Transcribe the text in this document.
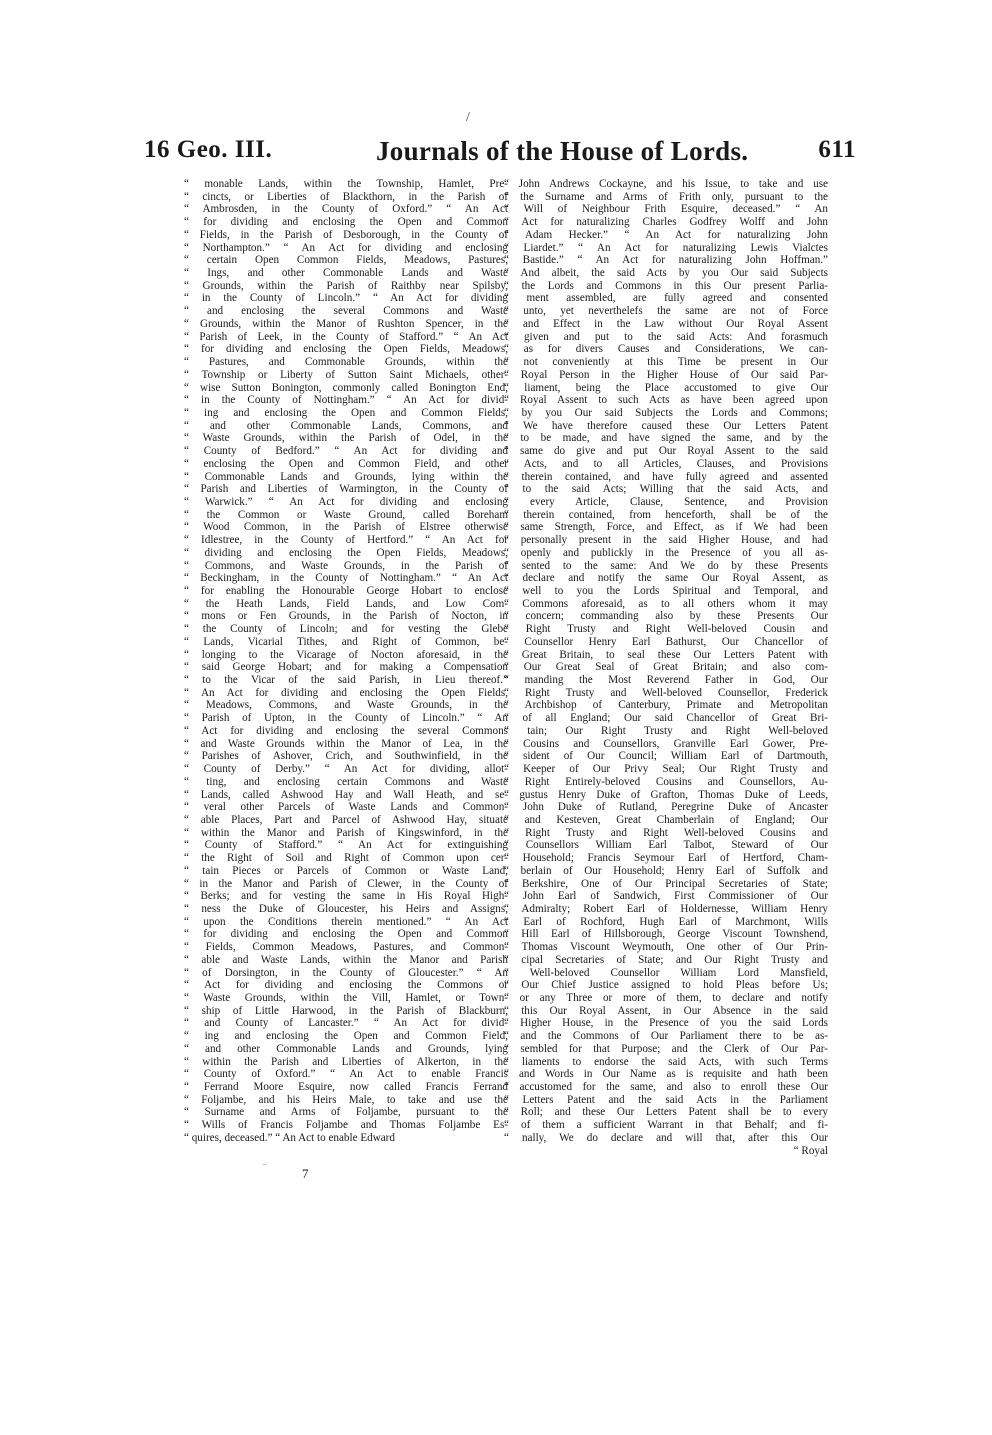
/
16 Geo. III.	Journals of the House of Lords.	611
“ monable Lands, within the Township, Hamlet, Pre-
“ cincts, or Liberties of Blackthorn, in the Parish of
“ Ambrosden, in the County of Oxford.” “ An Act
“ for dividing and enclosing the Open and Common
“ Fields, in the Parish of Desborough, in the County of
“ Northampton.” “ An Act for dividing and enclosing
“ certain Open Common Fields, Meadows, Pastures,
“ Ings, and other Commonable Lands and Waste
“ Grounds, within the Parish of Raithby near Spilsby,
“ in the County of Lincoln.” “ An Act for dividing
“ and enclosing the several Commons and Waste
“ Grounds, within the Manor of Rushton Spencer, in the
“ Parish of Leek, in the County of Stafford.” “ An Act
“ for dividing and enclosing the Open Fields, Meadows,
“ Pastures, and Commonable Grounds, within the
“ Township or Liberty of Sutton Saint Michaels, other-
“ wise Sutton Bonington, commonly called Bonington End,
“ in the County of Nottingham.” “ An Act for divid-
“ ing and enclosing the Open and Common Fields,
“ and other Commonable Lands, Commons, and
“ Waste Grounds, within the Parish of Odel, in the
“ County of Bedford.” “ An Act for dividing and
“ enclosing the Open and Common Field, and other
“ Commonable Lands and Grounds, lying within the
“ Parish and Liberties of Warmington, in the County of
“ Warwick.” “ An Act for dividing and enclosing
“ the Common or Waste Ground, called Boreham
“ Wood Common, in the Parish of Elstree otherwise
“ Idlestree, in the County of Hertford.” “ An Act for
“ dividing and enclosing the Open Fields, Meadows,
“ Commons, and Waste Grounds, in the Parish of
“ Beckingham, in the County of Nottingham.” “ An Act
“ for enabling the Honourable George Hobart to enclose
“ the Heath Lands, Field Lands, and Low Com-
“ mons or Fen Grounds, in the Parish of Nocton, in
“ the County of Lincoln; and for vesting the Glebe
“ Lands, Vicarial Tithes, and Right of Common, be-
“ longing to the Vicarage of Nocton aforesaid, in the
“ said George Hobart; and for making a Compensation
“ to the Vicar of the said Parish, in Lieu thereof.”
“ An Act for dividing and enclosing the Open Fields,
“ Meadows, Commons, and Waste Grounds, in the
“ Parish of Upton, in the County of Lincoln.” “ An
“ Act for dividing and enclosing the several Commons
“ and Waste Grounds within the Manor of Lea, in the
“ Parishes of Ashover, Crich, and Southwinfield, in the
“ County of Derby.” “ An Act for dividing, allot-
“ ting, and enclosing certain Commons and Waste
“ Lands, called Ashwood Hay and Wall Heath, and se-
“ veral other Parcels of Waste Lands and Common-
“ able Places, Part and Parcel of Ashwood Hay, situate
“ within the Manor and Parish of Kingswinford, in the
“ County of Stafford.” “ An Act for extinguishing
“ the Right of Soil and Right of Common upon cer-
“ tain Pieces or Parcels of Common or Waste Land,
“ in the Manor and Parish of Clewer, in the County of
“ Berks; and for vesting the same in His Royal High-
“ ness the Duke of Gloucester, his Heirs and Assigns,
“ upon the Conditions therein mentioned.” “ An Act
“ for dividing and enclosing the Open and Common
“ Fields, Common Meadows, Pastures, and Common-
“ able and Waste Lands, within the Manor and Parish
“ of Dorsington, in the County of Gloucester.” “ An
“ Act for dividing and enclosing the Commons or
“ Waste Grounds, within the Vill, Hamlet, or Town-
“ ship of Little Harwood, in the Parish of Blackburn,
“ and County of Lancaster.” “ An Act for divid-
“ ing and enclosing the Open and Common Field,
“ and other Commonable Lands and Grounds, lying
“ within the Parish and Liberties of Alkerton, in the
“ County of Oxford.” “ An Act to enable Francis
“ Ferrand Moore Esquire, now called Francis Ferrand
“ Foljambe, and his Heirs Male, to take and use the
“ Surname and Arms of Foljambe, pursuant to the
“ Wills of Francis Foljambe and Thomas Foljambe Es-
“ quires, deceased.” “ An Act to enable Edward
“ John Andrews Cockayne, and his Issue, to take and use
“ the Surname and Arms of Frith only, pursuant to the
“ Will of Neighbour Frith Esquire, deceased.” “ An
“ Act for naturalizing Charles Godfrey Wolff and John
“ Adam Hecker.” “ An Act for naturalizing John
“ Liardet.” “ An Act for naturalizing Lewis Vialctes
“ Bastide.” “ An Act for naturalizing John Hoffman.”
“ And albeit, the said Acts by you Our said Subjects
“ the Lords and Commons in this Our present Parlia-
“ ment assembled, are fully agreed and consented
“ unto, yet neverthelefs the same are not of Force
“ and Effect in the Law without Our Royal Assent
“ given and put to the said Acts: And forasmuch
“ as for divers Causes and Considerations, We can-
“ not conveniently at this Time be present in Our
“ Royal Person in the Higher House of Our said Par-
“ liament, being the Place accustomed to give Our
“ Royal Assent to such Acts as have been agreed upon
“ by you Our said Subjects the Lords and Commons;
“ We have therefore caused these Our Letters Patent
“ to be made, and have signed the same, and by the
“ same do give and put Our Royal Assent to the said
“ Acts, and to all Articles, Clauses, and Provisions
“ therein contained, and have fully agreed and assented
“ to the said Acts; Willing that the said Acts, and
“ every Article, Clause, Sentence, and Provision
“ therein contained, from henceforth, shall be of the
“ same Strength, Force, and Effect, as if We had been
“ personally present in the said Higher House, and had
“ openly and publickly in the Presence of you all as-
“ sented to the same: And We do by these Presents
“ declare and notify the same Our Royal Assent, as
“ well to you the Lords Spiritual and Temporal, and
“ Commons aforesaid, as to all others whom it may
“ concern; commanding also by these Presents Our
“ Right Trusty and Right Well-beloved Cousin and
“ Counsellor Henry Earl Bathurst, Our Chancellor of
“ Great Britain, to seal these Our Letters Patent with
“ Our Great Seal of Great Britain; and also com-
“ manding the Most Reverend Father in God, Our
“ Right Trusty and Well-beloved Counsellor, Frederick
“ Archbishop of Canterbury, Primate and Metropolitan
“ of all England; Our said Chancellor of Great Bri-
“ tain; Our Right Trusty and Right Well-beloved
“ Cousins and Counsellors, Granville Earl Gower, Pre-
“ sident of Our Council; William Earl of Dartmouth,
“ Keeper of Our Privy Seal; Our Right Trusty and
“ Right Entirely-beloved Cousins and Counsellors, Au-
“ gustus Henry Duke of Grafton, Thomas Duke of Leeds,
“ John Duke of Rutland, Peregrine Duke of Ancaster
“ and Kesteven, Great Chamberlain of England; Our
“ Right Trusty and Right Well-beloved Cousins and
“ Counsellors William Earl Talbot, Steward of Our
“ Household; Francis Seymour Earl of Hertford, Cham-
“ berlain of Our Household; Henry Earl of Suffolk and
“ Berkshire, One of Our Principal Secretaries of State;
“ John Earl of Sandwich, First Commissioner of Our
“ Admiralty; Robert Earl of Holdernesse, William Henry
“ Earl of Rochford, Hugh Earl of Marchmont, Wills
“ Hill Earl of Hillsborough, George Viscount Townshend,
“ Thomas Viscount Weymouth, One other of Our Prin-
“ cipal Secretaries of State; and Our Right Trusty and
“ Well-beloved Counsellor William Lord Mansfield,
“ Our Chief Justice assigned to hold Pleas before Us;
“ or any Three or more of them, to declare and notify
“ this Our Royal Assent, in Our Absence in the said
“ Higher House, in the Presence of you the said Lords
“ and the Commons of Our Parliament there to be as-
“ sembled for that Purpose; and the Clerk of Our Par-
“ liaments to endorse the said Acts, with such Terms
“ and Words in Our Name as is requisite and hath been
“ accustomed for the same, and also to enroll these Our
“ Letters Patent and the said Acts in the Parliament
“ Roll; and these Our Letters Patent shall be to every
“ of them a sufficient Warrant in that Behalf; and fi-
“ nally, We do declare and will that, after this Our
“ Royal
⁻	7
